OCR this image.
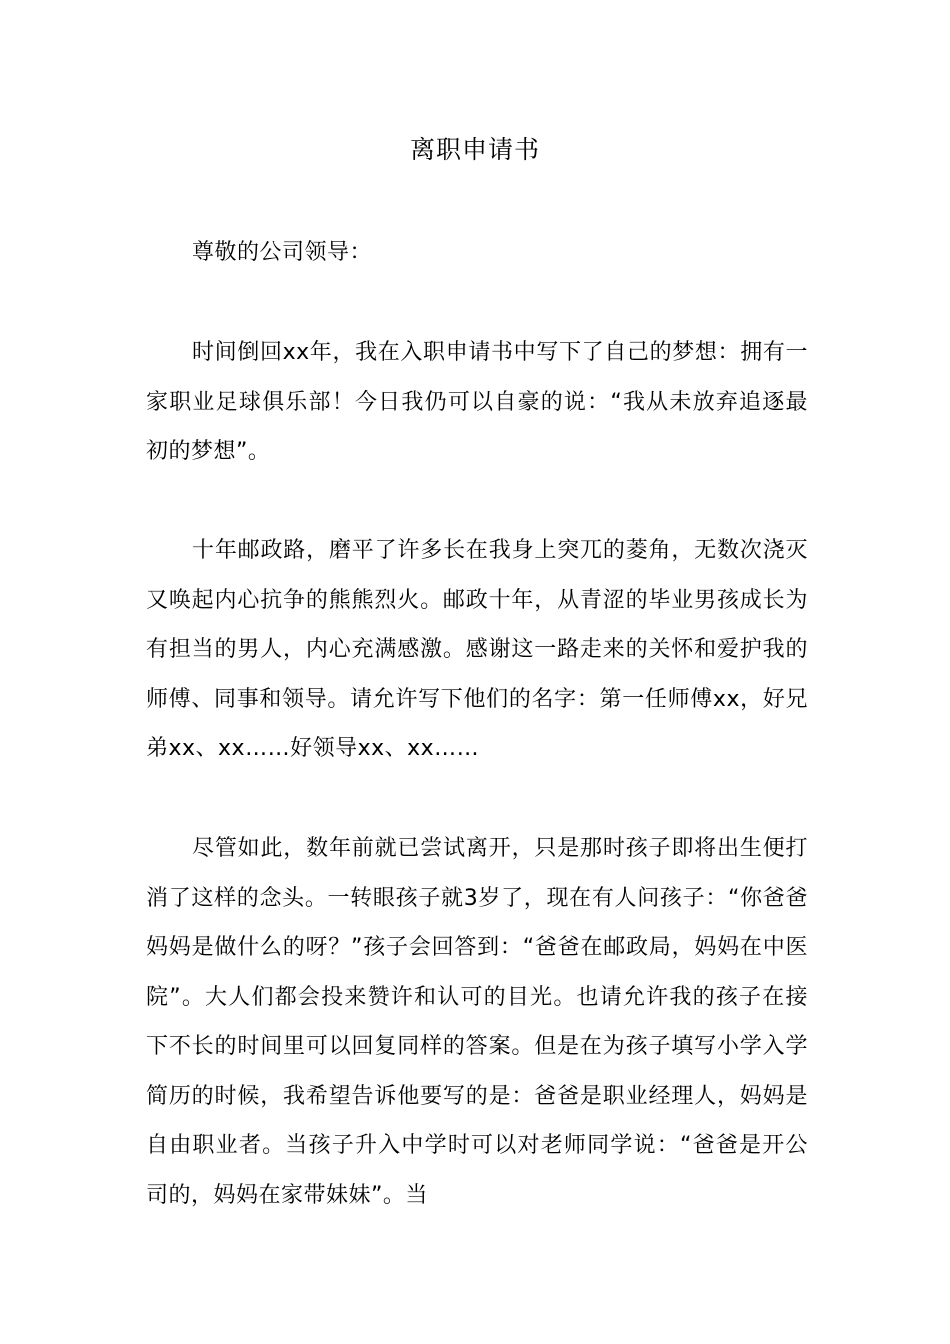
离职申请书

尊敬的公司领导：

时间倒回xx年，我在入职申请书中写下了自己的梦想：拥有一家职业足球俱乐部！今日我仍可以自豪的说：“我从未放弃追逐最初的梦想”。

十年邮政路，磨平了许多长在我身上突兀的菱角，无数次浇灭又唤起内心抗争的熊熊烈火。邮政十年，从青涩的毕业男孩成长为有担当的男人，内心充满感激。感谢这一路走来的关怀和爱护我的师傅、同事和领导。请允许写下他们的名字：第一任师傅xx，好兄弟xx、xx……好领导xx、xx……

尽管如此，数年前就已尝试离开，只是那时孩子即将出生便打消了这样的念头。一转眼孩子就3岁了，现在有人问孩子：“你爸爸妈妈是做什么的呀？”孩子会回答到：“爸爸在邮政局，妈妈在中医院”。大人们都会投来赞许和认可的目光。也请允许我的孩子在接下不长的时间里可以回复同样的答案。但是在为孩子填写小学入学简历的时候，我希望告诉他要写的是：爸爸是职业经理人，妈妈是自由职业者。当孩子升入中学时可以对老师同学说：“爸爸是开公司的，妈妈在家带妹妹”。当
